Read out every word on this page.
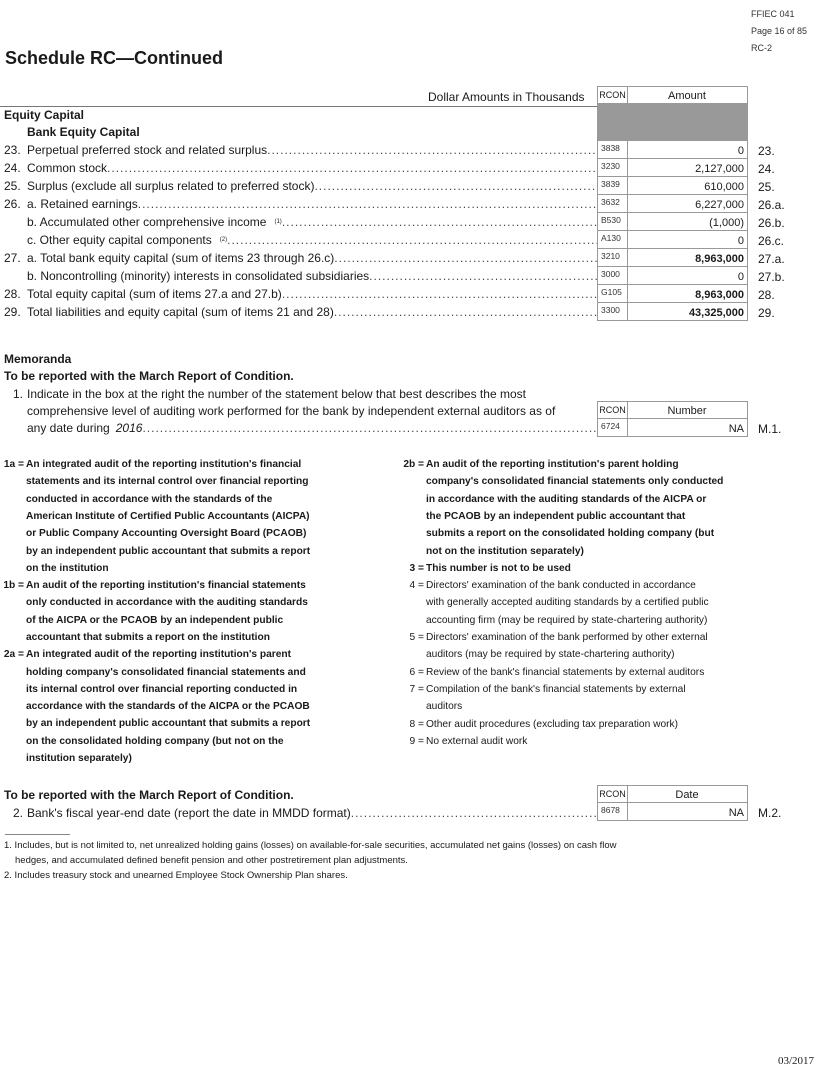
FFIEC 041
Page 16 of 85
RC-2
Schedule RC—Continued
Dollar Amounts in Thousands RCON	Amount
Equity Capital
Bank Equity Capital
23. Perpetual preferred stock and related surplus .....	3838	0	23.
24. Common stock .....	3230	2,127,000	24.
25. Surplus (exclude all surplus related to preferred stock) .....	3839	610,000	25.
26. a. Retained earnings .....	3632	6,227,000	26.a.
b. Accumulated other comprehensive income (1) .....	B530	(1,000)	26.b.
c. Other equity capital components (2) .....	A130	0	26.c.
27. a. Total bank equity capital (sum of items 23 through 26.c) .....	3210	8,963,000	27.a.
b. Noncontrolling (minority) interests in consolidated subsidiaries .....	3000	0	27.b.
28. Total equity capital (sum of items 27.a and 27.b) .....	G105	8,963,000	28.
29. Total liabilities and equity capital (sum of items 21 and 28) .....	3300	43,325,000	29.
Memoranda
To be reported with the March Report of Condition.
1. Indicate in the box at the right the number of the statement below that best describes the most
comprehensive level of auditing work performed for the bank by independent external auditors as of
any date during 2016
.....
RCON	Number
6724	NA	M.1.
1a = An integrated audit of the reporting institution's financial
statements and its internal control over financial reporting
conducted in accordance with the standards of the
American Institute of Certified Public Accountants (AICPA)
or Public Company Accounting Oversight Board (PCAOB)
by an independent public accountant that submits a report
on the institution
1b = An audit of the reporting institution's financial statements
only conducted in accordance with the auditing standards
of the AICPA or the PCAOB by an independent public
accountant that submits a report on the institution
2a = An integrated audit of the reporting institution's parent
holding company's consolidated financial statements and
its internal control over financial reporting conducted in
accordance with the standards of the AICPA or the PCAOB
by an independent public accountant that submits a report
on the consolidated holding company (but not on the
institution separately)
2b = An audit of the reporting institution's parent holding
company's consolidated financial statements only conducted
in accordance with the auditing standards of the AICPA or
the PCAOB by an independent public accountant that
submits a report on the consolidated holding company (but
not on the institution separately)
3 = This number is not to be used
4 = Directors' examination of the bank conducted in accordance
with generally accepted auditing standards by a certified public
accounting firm (may be required by state-chartering authority)
5 = Directors' examination of the bank performed by other external
auditors (may be required by state-chartering authority)
6 = Review of the bank's financial statements by external auditors
7 = Compilation of the bank's financial statements by external
auditors
8 = Other audit procedures (excluding tax preparation work)
9 = No external audit work
To be reported with the March Report of Condition.
2. Bank's fiscal year-end date (report the date in MMDD format)
.....
RCON	Date
8678	NA	M.2.
1. Includes, but is not limited to, net unrealized holding gains (losses) on available-for-sale securities, accumulated net gains (losses) on cash flow
hedges, and accumulated defined benefit pension and other postretirement plan adjustments.
2. Includes treasury stock and unearned Employee Stock Ownership Plan shares.
03/2017
